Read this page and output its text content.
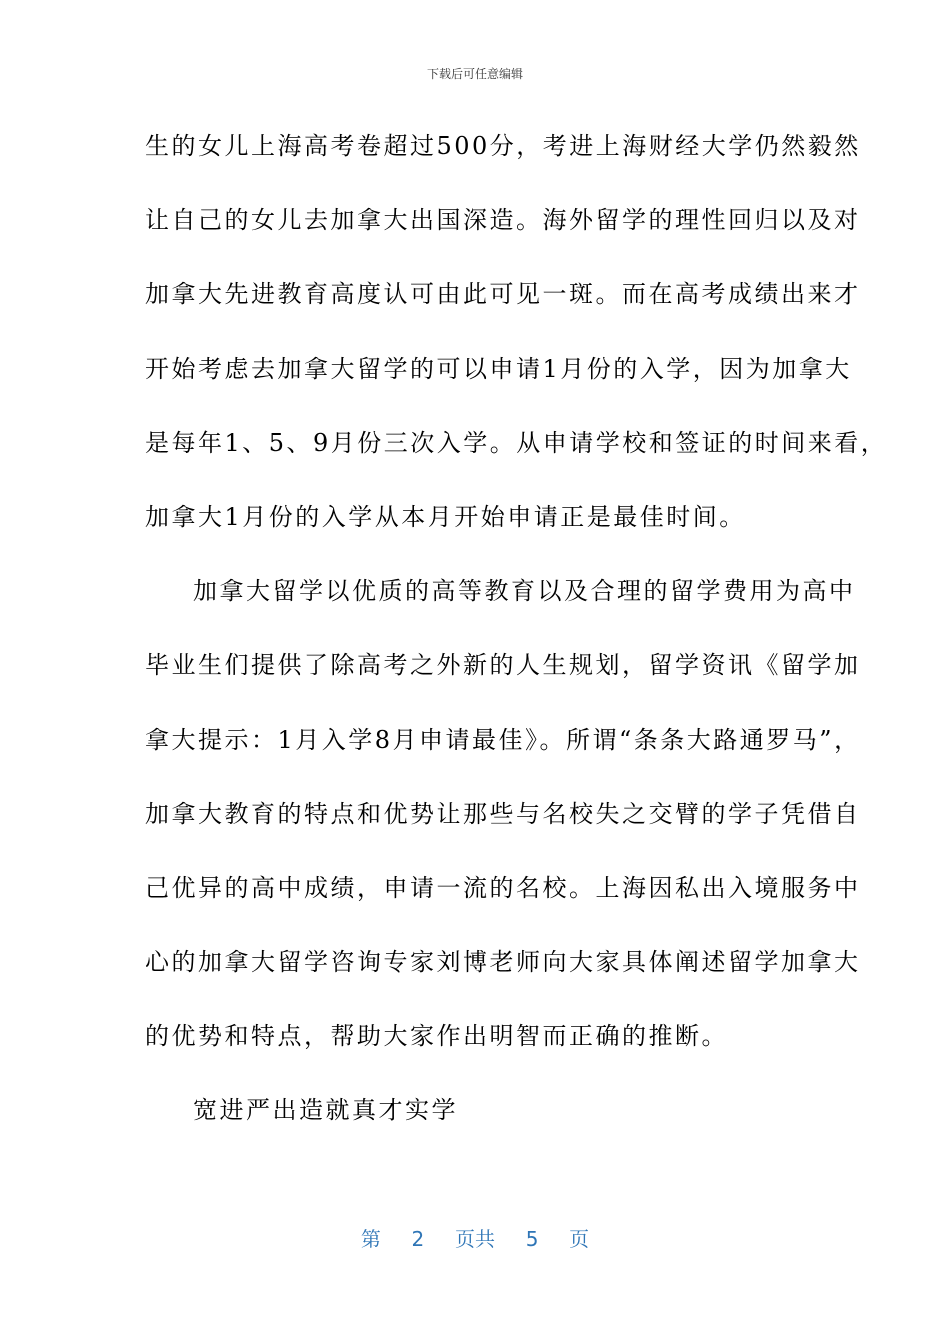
下载后可任意编辑
生的女儿上海高考卷超过500分，考进上海财经大学仍然毅然
让自己的女儿去加拿大出国深造。海外留学的理性回归以及对
加拿大先进教育高度认可由此可见一斑。而在高考成绩出来才
开始考虑去加拿大留学的可以申请1月份的入学，因为加拿大
是每年1、5、9月份三次入学。从申请学校和签证的时间来看，
加拿大1月份的入学从本月开始申请正是最佳时间。
加拿大留学以优质的高等教育以及合理的留学费用为高中
毕业生们提供了除高考之外新的人生规划，留学资讯《留学加
拿大提示：1月入学8月申请最佳》。所谓“条条大路通罗马”，
加拿大教育的特点和优势让那些与名校失之交臂的学子凭借自
己优异的高中成绩，申请一流的名校。上海因私出入境服务中
心的加拿大留学咨询专家刘博老师向大家具体阐述留学加拿大
的优势和特点，帮助大家作出明智而正确的推断。
宽进严出造就真才实学
第 2 页共 5 页
